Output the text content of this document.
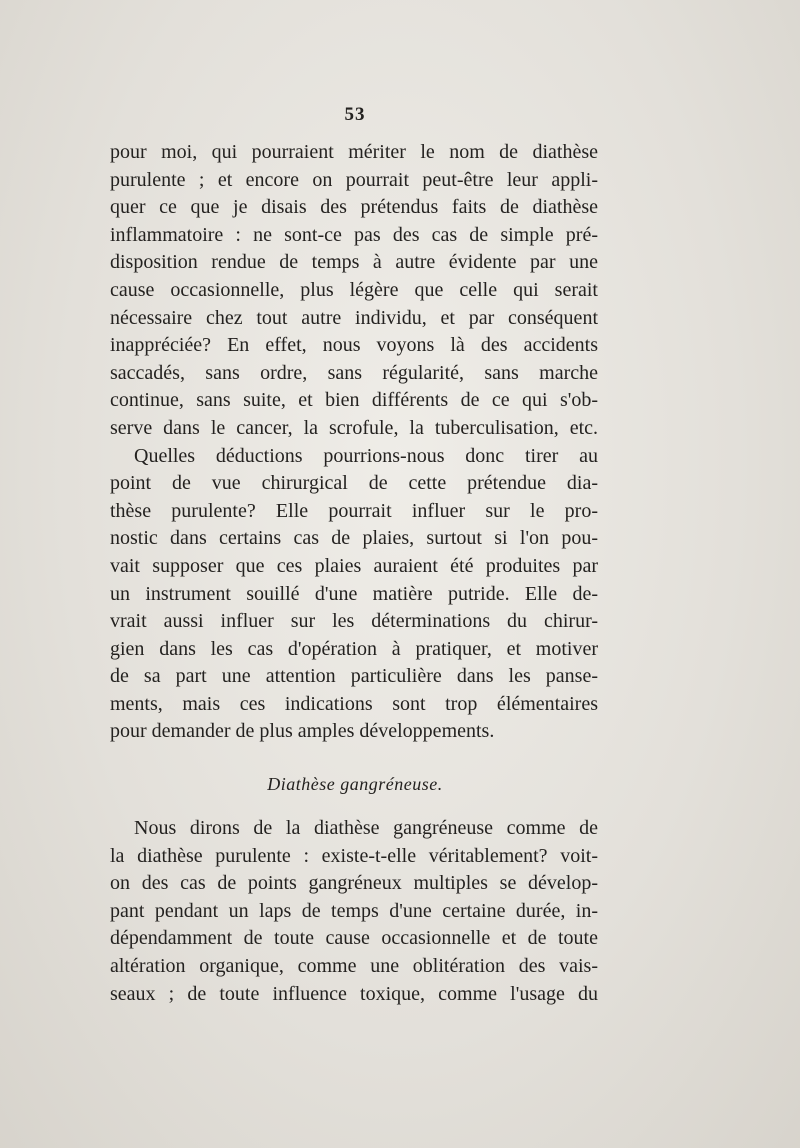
53
pour moi, qui pourraient mériter le nom de diathèse
purulente ; et encore on pourrait peut-être leur appli-
quer ce que je disais des prétendus faits de diathèse
inflammatoire : ne sont-ce pas des cas de simple pré-
disposition rendue de temps à autre évidente par une
cause occasionnelle, plus légère que celle qui serait
nécessaire chez tout autre individu, et par conséquent
inappréciée? En effet, nous voyons là des accidents
saccadés, sans ordre, sans régularité, sans marche
continue, sans suite, et bien différents de ce qui s'ob-
serve dans le cancer, la scrofule, la tuberculisation, etc.
Quelles déductions pourrions-nous donc tirer au
point de vue chirurgical de cette prétendue dia-
thèse purulente? Elle pourrait influer sur le pro-
nostic dans certains cas de plaies, surtout si l'on pou-
vait supposer que ces plaies auraient été produites par
un instrument souillé d'une matière putride. Elle de-
vrait aussi influer sur les déterminations du chirur-
gien dans les cas d'opération à pratiquer, et motiver
de sa part une attention particulière dans les panse-
ments, mais ces indications sont trop élémentaires
pour demander de plus amples développements.
Diathèse gangréneuse.
Nous dirons de la diathèse gangréneuse comme de
la diathèse purulente : existe-t-elle véritablement? voit-
on des cas de points gangréneux multiples se dévelop-
pant pendant un laps de temps d'une certaine durée, in-
dépendamment de toute cause occasionnelle et de toute
altération organique, comme une oblitération des vais-
seaux ; de toute influence toxique, comme l'usage du
